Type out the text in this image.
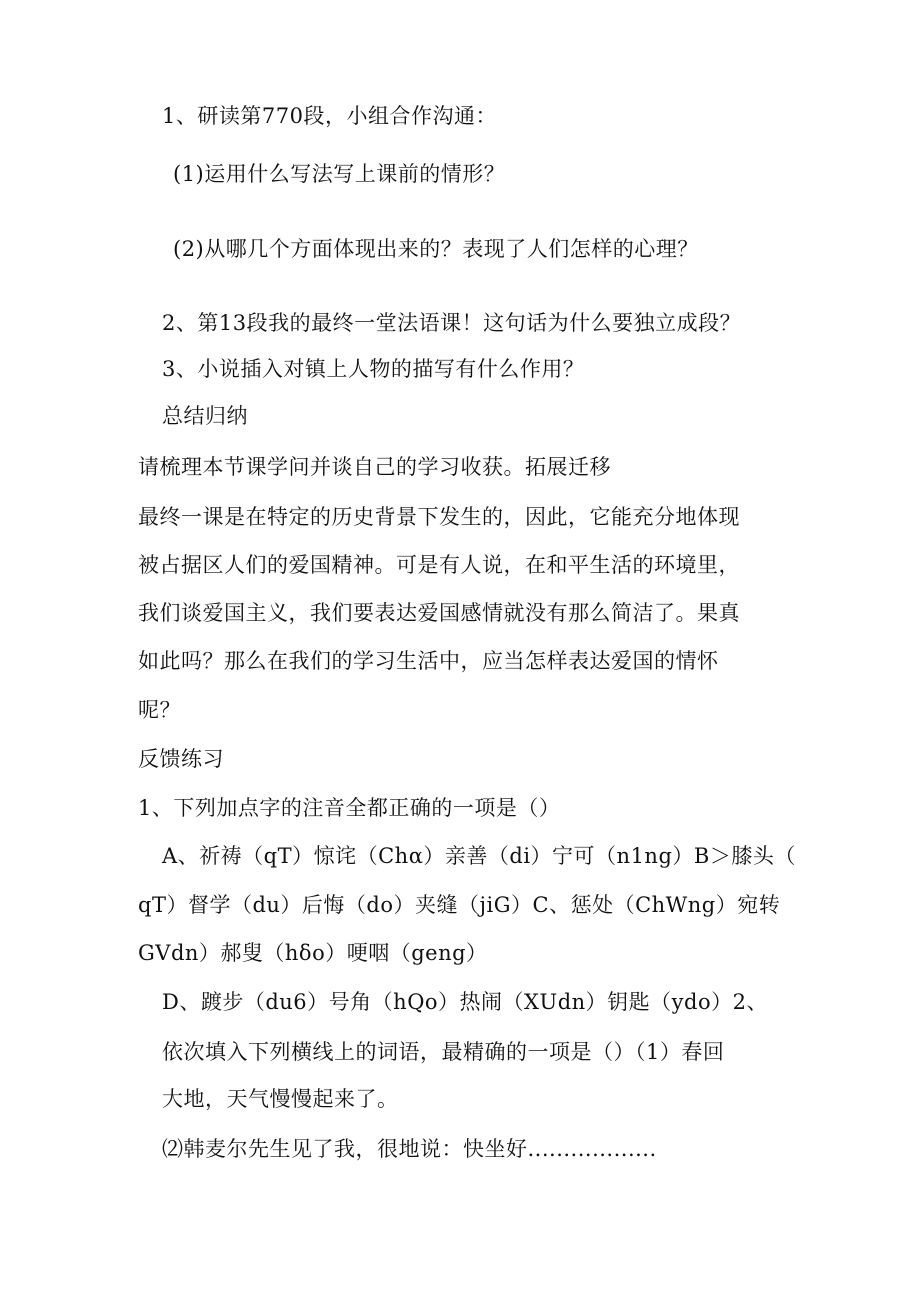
1、研读第770段，小组合作沟通：
(1)运用什么写法写上课前的情形？
(2)从哪几个方面体现出来的？表现了人们怎样的心理？
2、第13段我的最终一堂法语课！这句话为什么要独立成段？
3、小说插入对镇上人物的描写有什么作用？
总结归纳
请梳理本节课学问并谈自己的学习收获。拓展迁移
最终一课是在特定的历史背景下发生的，因此，它能充分地体现
被占据区人们的爱国精神。可是有人说，在和平生活的环境里，
我们谈爱国主义，我们要表达爱国感情就没有那么简洁了。果真
如此吗？那么在我们的学习生活中，应当怎样表达爱国的情怀
呢？
反馈练习
1、下列加点字的注音全都正确的一项是（）
A、祈祷（qT）惊诧（Chα）亲善（di）宁可（n1ng）B＞膝头（
qT）督学（du）后悔（do）夹缝（jiG）C、惩处（ChWng）宛转
GVdn）郝叟（hδo）哽咽（geng）
D、踱步（du6）号角（hQo）热闹（XUdn）钥匙（ydo）2、
依次填入下列横线上的词语，最精确的一项是（）（1）春回
大地，天气慢慢起来了。
⑵韩麦尔先生见了我，很地说：快坐好..................
